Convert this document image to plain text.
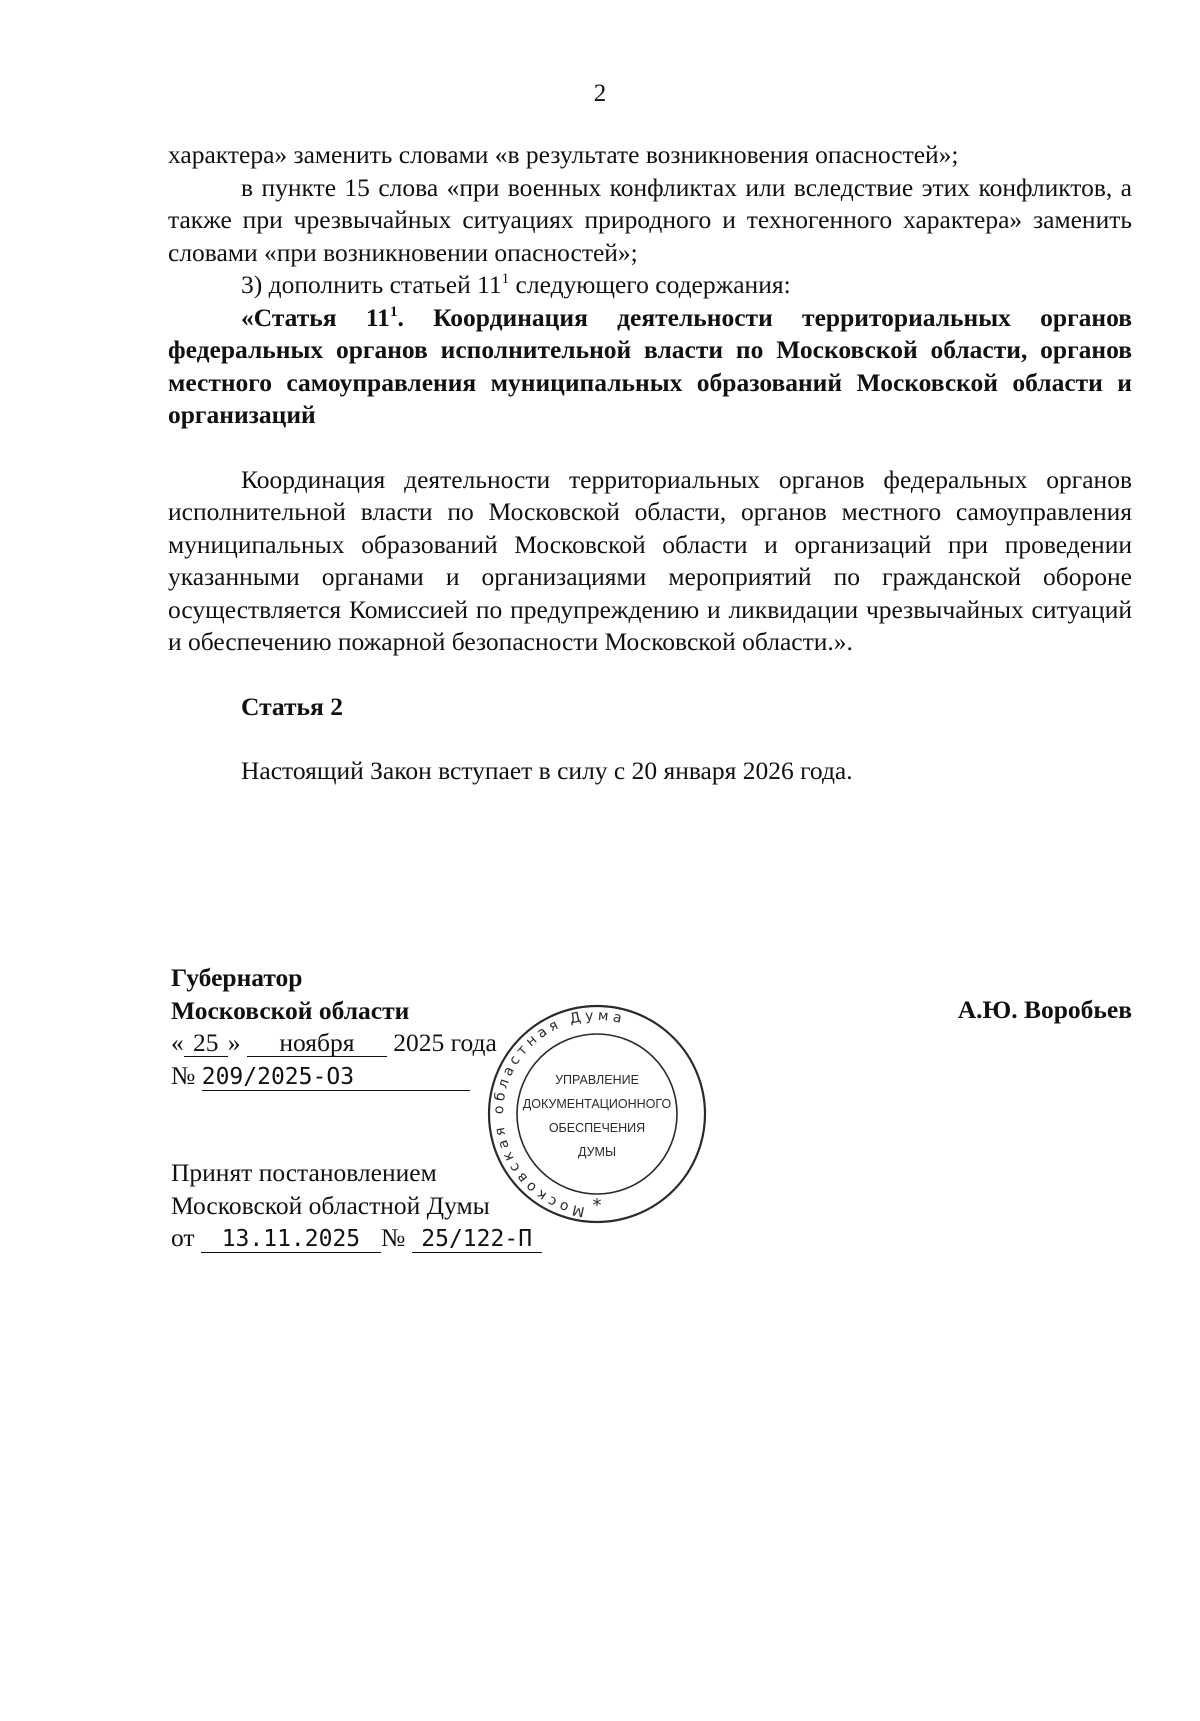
2

характера» заменить словами «в результате возникновения опасностей»;

в пункте 15 слова «при военных конфликтах или вследствие этих конфликтов, а также при чрезвычайных ситуациях природного и техногенного характера» заменить словами «при возникновении опасностей»;

3) дополнить статьей $11^1$ следующего содержания:

«Статья $11^1$. Координация деятельности территориальных органов федеральных органов исполнительной власти по Московской области, органов местного самоуправления муниципальных образований Московской области и организаций

Координация деятельности территориальных органов федеральных органов исполнительной власти по Московской области, органов местного самоуправления муниципальных образований Московской области и организаций при проведении указанными органами и организациями мероприятий по гражданской обороне осуществляется Комиссией по предупреждению и ликвидации чрезвычайных ситуаций и обеспечению пожарной безопасности Московской области.».

Статья 2

Настоящий Закон вступает в силу с 20 января 2026 года.

Губернатор
Московской области
« 25 » ноября 2025 года
№ 209/2025-ОЗ
А.Ю. Воробьев
Принят постановлением
Московской областной Думы
от 13.11.2025 № 25/122-П
Московская областная Дума
*
УПРАВЛЕНИЕ
ДОКУМЕНТАЦИОННОГО
ОБЕСПЕЧЕНИЯ
ДУМЫ
